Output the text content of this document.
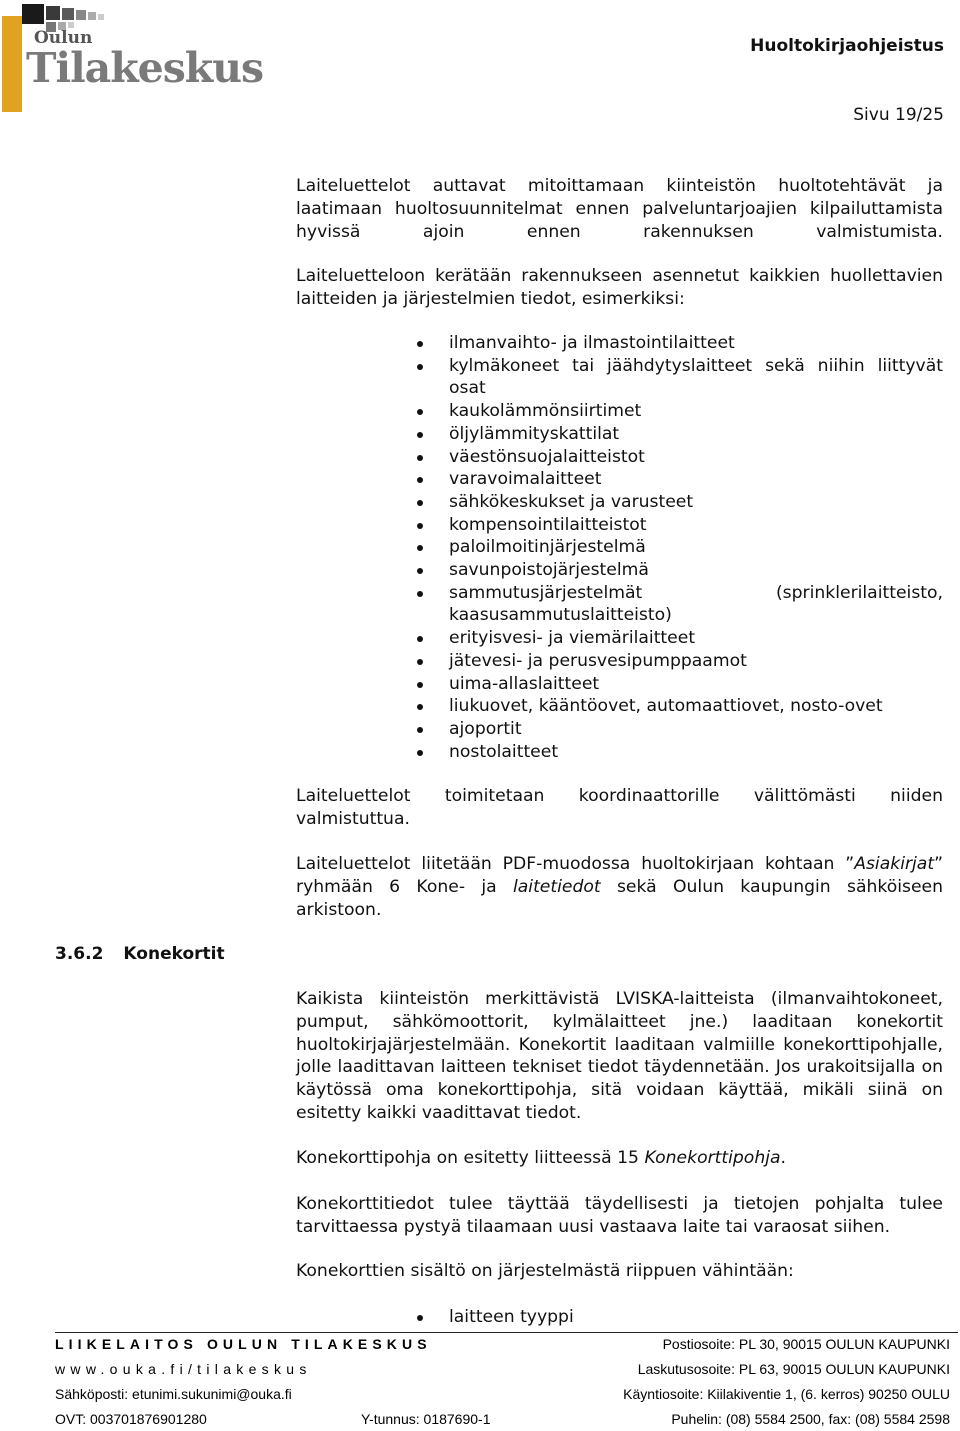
Oulun
Tilakeskus	Huoltokirjaohjeistus
Sivu 19/25
Laiteluettelot auttavat mitoittamaan kiinteistön huoltotehtävät ja laatimaan huoltosuunnitelmat ennen palveluntarjoajien kilpailuttamista hyvissä ajoin ennen rakennuksen valmistumista.
Laiteluetteloon kerätään rakennukseen asennetut kaikkien huollettavien laitteiden ja järjestelmien tiedot, esimerkiksi:
ilmanvaihto- ja ilmastointilaitteet
kylmäkoneet tai jäähdytyslaitteet sekä niihin liittyvät osat
kaukolämmönsiirtimet
öljylämmityskattilat
väestönsuojalaitteistot
varavoimalaitteet
sähkökeskukset ja varusteet
kompensointilaitteistot
paloilmoitinjärjestelmä
savunpoistojärjestelmä
sammutusjärjestelmät (sprinklerilaitteisto, kaasusammutuslaitteisto)
erityisvesi- ja viemärilaitteet
jätevesi- ja perusvesipumppaamot
uima-allaslaitteet
liukuovet, kääntöovet, automaattiovet, nosto-ovet
ajoportit
nostolaitteet
Laiteluettelot toimitetaan koordinaattorille välittömästi niiden valmistuttua.
Laiteluettelot liitetään PDF-muodossa huoltokirjaan kohtaan ”Asiakirjat” ryhmään 6 Kone- ja laitetiedot sekä Oulun kaupungin sähköiseen arkistoon.
3.6.2 Konekortit
Kaikista kiinteistön merkittävistä LVISKA-laitteista (ilmanvaihtokoneet, pumput, sähkömoottorit, kylmälaitteet jne.) laaditaan konekortit huoltokirjajärjestelmään. Konekortit laaditaan valmiille konekorttipohjalle, jolle laadittavan laitteen tekniset tiedot täydennetään. Jos urakoitsijalla on käytössä oma konekorttipohja, sitä voidaan käyttää, mikäli siinä on esitetty kaikki vaadittavat tiedot.
Konekorttipohja on esitetty liitteessä 15 Konekorttipohja.
Konekorttitiedot tulee täyttää täydellisesti ja tietojen pohjalta tulee tarvittaessa pystyä tilaamaan uusi vastaava laite tai varaosat siihen.
Konekorttien sisältö on järjestelmästä riippuen vähintään:
laitteen tyyppi
LIIKELAITOS OULUN TILAKESKUS
www.ouka.fi/tilakeskus
Sähköposti: etunimi.sukunimi@ouka.fi
OVT: 003701876901280	Y-tunnus: 0187690-1
Postiosoite: PL 30, 90015 OULUN KAUPUNKI
Laskutusosoite: PL 63, 90015 OULUN KAUPUNKI
Käyntiosoite: Kiilakiventie 1, (6. kerros) 90250 OULU
Puhelin: (08) 5584 2500, fax: (08) 5584 2598
